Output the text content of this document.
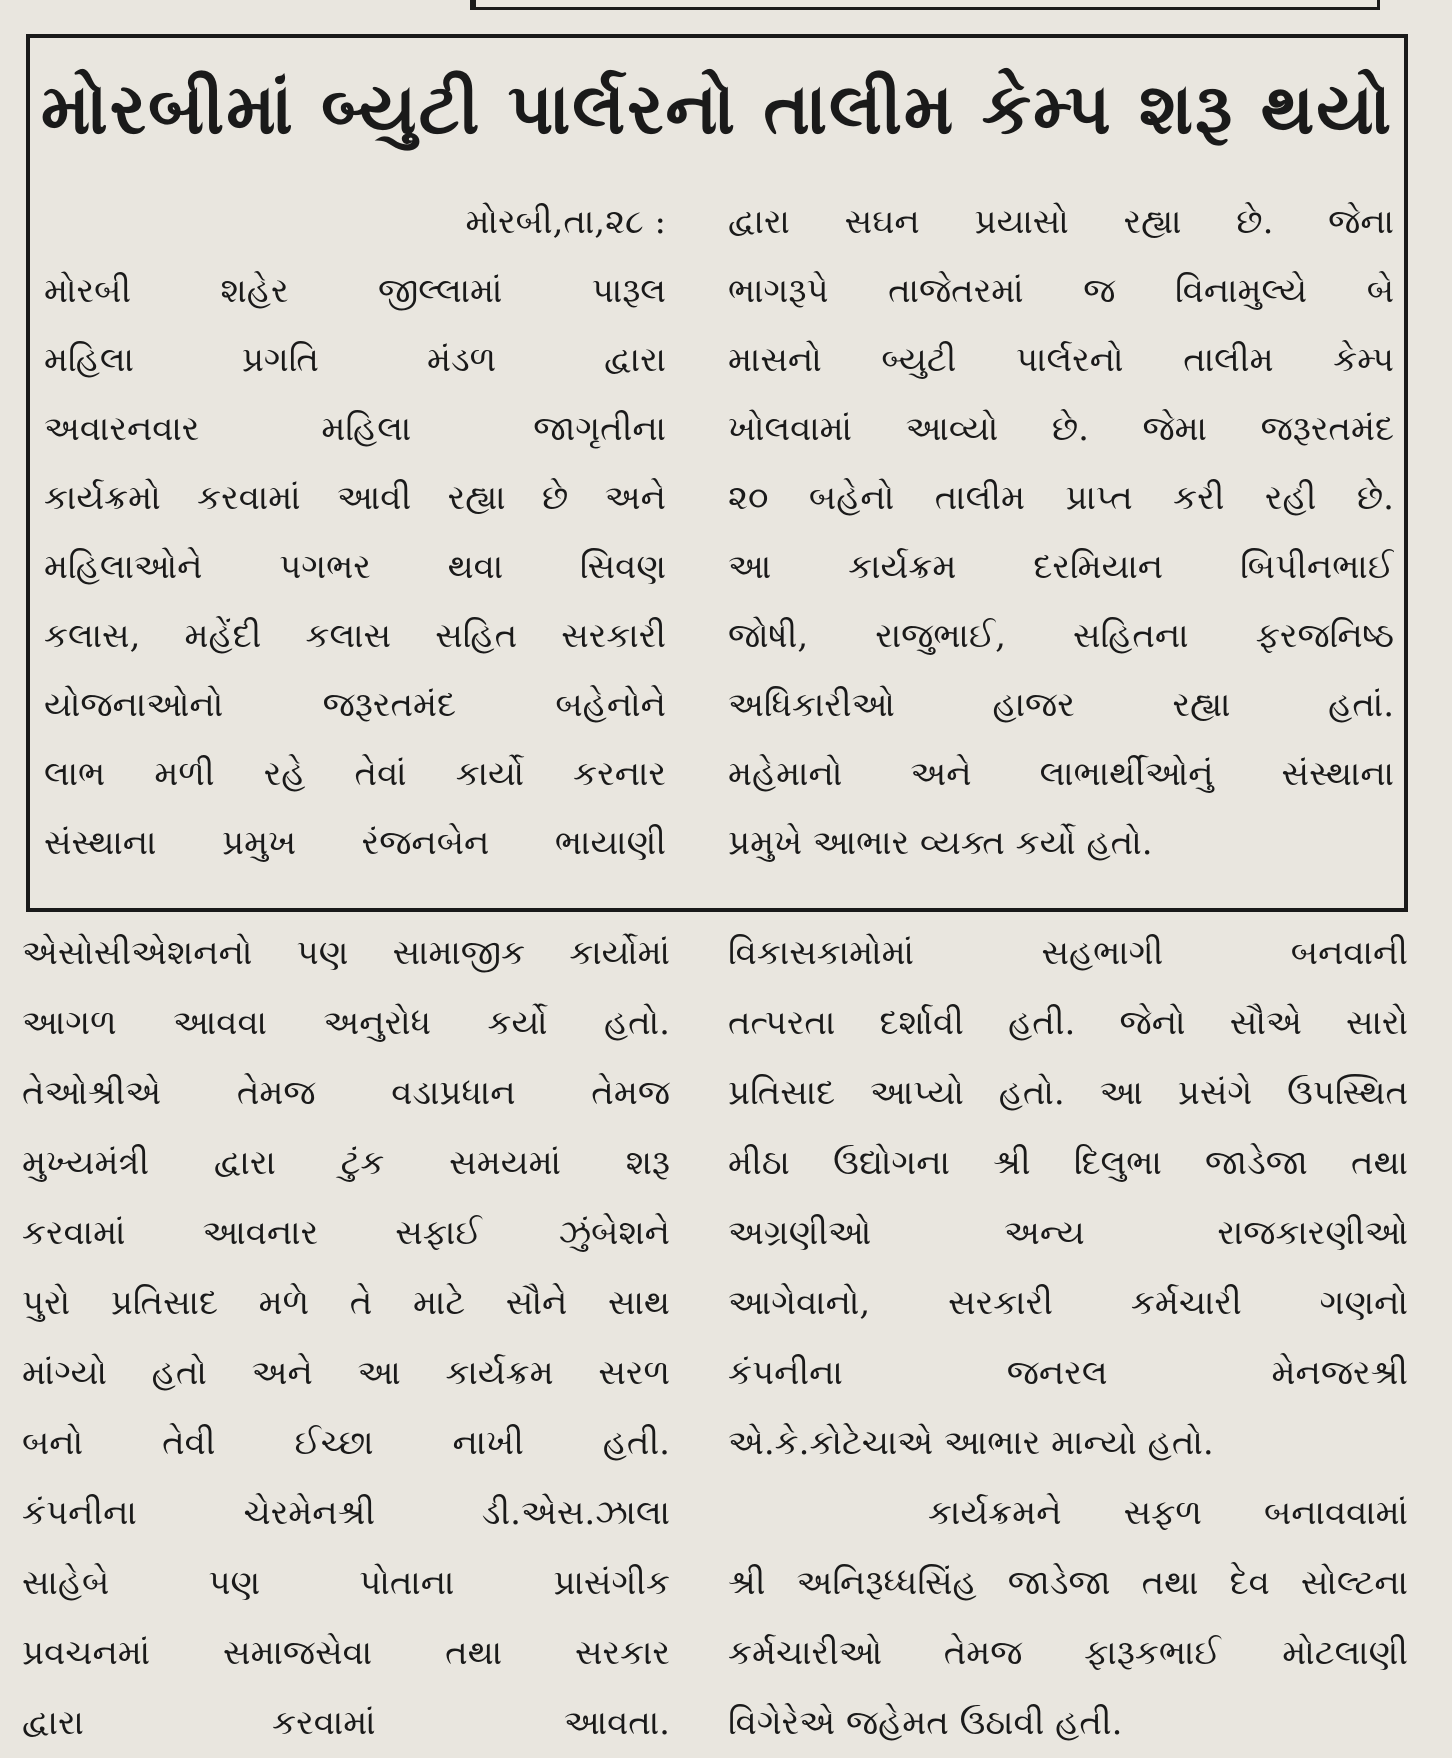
મોરબીમાં બ્યુટી પાર્લરનો તાલીમ કેમ્પ શરૂ થયો
મોરબી,તા,૨૮ :
મોરબી શહેર જીલ્લામાં પારૂલ
મહિલા પ્રગતિ મંડળ દ્વારા
અવારનવાર મહિલા જાગૃતીના
કાર્યક્રમો કરવામાં આવી રહ્યા છે અને
મહિલાઓને પગભર થવા સિવણ
કલાસ, મહેંદી કલાસ સહિત સરકારી
યોજનાઓનો જરૂરતમંદ બહેનોને
લાભ મળી રહે તેવાં કાર્યો કરનાર
સંસ્થાના પ્રમુખ રંજનબેન ભાયાણી
દ્વારા સઘન પ્રયાસો રહ્યા છે. જેના
ભાગરૂપે તાજેતરમાં જ વિનામુલ્યે બે
માસનો બ્યુટી પાર્લરનો તાલીમ કેમ્પ
ખોલવામાં આવ્યો છે. જેમા જરૂરતમંદ
૨૦ બહેનો તાલીમ પ્રાપ્ત કરી રહી છે.
આ કાર્યક્રમ દરમિયાન બિપીનભાઈ
જોષી, રાજુભાઈ, સહિતના ફરજનિષ્ઠ
અધિકારીઓ હાજર રહ્યા હતાં.
મહેમાનો અને લાભાર્થીઓનું સંસ્થાના
પ્રમુખે આભાર વ્યક્ત કર્યો હતો.
એસોસીએશનનો પણ સામાજીક કાર્યોમાં
આગળ આવવા અનુરોધ કર્યો હતો.
તેઓશ્રીએ તેમજ વડાપ્રધાન તેમજ
મુખ્યમંત્રી દ્વારા ટુંક સમયમાં શરૂ
કરવામાં આવનાર સફાઈ ઝુંબેશને
પુરો પ્રતિસાદ મળે તે માટે સૌને સાથ
માંગ્યો હતો અને આ કાર્યક્રમ સરળ
બનો તેવી ઈચ્છા નાખી હતી.
કંપનીના ચેરમેનશ્રી ડી.એસ.ઝાલા
સાહેબે પણ પોતાના પ્રાસંગીક
પ્રવચનમાં સમાજસેવા તથા સરકાર
દ્વારા કરવામાં આવતા.
વિકાસકામોમાં સહભાગી બનવાની
તત્પરતા દર્શાવી હતી. જેનો સૌએ સારો
પ્રતિસાદ આપ્યો હતો. આ પ્રસંગે ઉપસ્થિત
મીઠા ઉદ્યોગના શ્રી દિલુભા જાડેજા તથા
અગ્રણીઓ અન્ય રાજકારણીઓ
આગેવાનો, સરકારી કર્મચારી ગણનો
કંપનીના જનરલ મેનજરશ્રી
એ.કે.કોટેચાએ આભાર માન્યો હતો.
કાર્યક્રમને સફળ બનાવવામાં
શ્રી અનિરૂધ્ધસિંહ જાડેજા તથા દેવ સોલ્ટના
કર્મચારીઓ તેમજ ફારૂકભાઈ મોટલાણી
વિગેરેએ જહેમત ઉઠાવી હતી.
